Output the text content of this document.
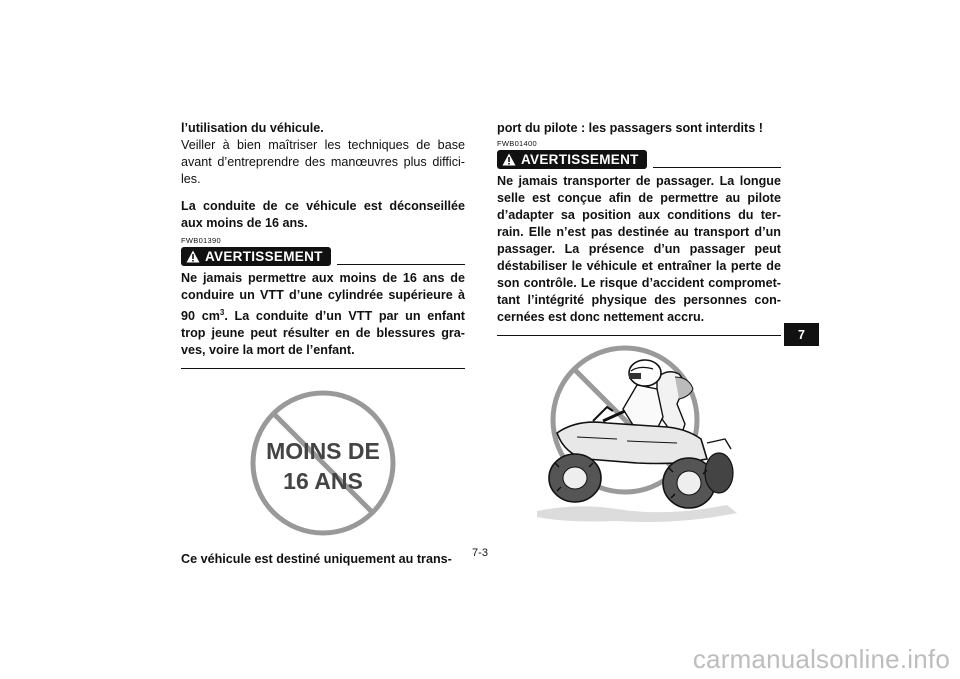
l’utilisation du véhicule.

Veiller à bien maîtriser les techniques de base avant d’entreprendre des manœuvres plus diffici-les.

La conduite de ce véhicule est déconseillée aux moins de 16 ans.

FWB01390
AVERTISSEMENT

Ne jamais permettre aux moins de 16 ans de conduire un VTT d’une cylindrée supérieure à 90 $cm^3$. La conduite d’un VTT par un enfant trop jeune peut résulter en de blessures gra-ves, voire la mort de l’enfant.

MOINS DE
16 ANS

Ce véhicule est destiné uniquement au trans-

port du pilote : les passagers sont interdits !

FWB01400
AVERTISSEMENT

Ne jamais transporter de passager. La longue selle est conçue afin de permettre au pilote d’adapter sa position aux conditions du ter-rain. Elle n’est pas destinée au transport d’un passager. La présence d’un passager peut déstabiliser le véhicule et entraîner la perte de son contrôle. Le risque d’accident compromet-tant l’intégrité physique des personnes con-cernées est donc nettement accru.

7
7-3
carmanualsonline.info
